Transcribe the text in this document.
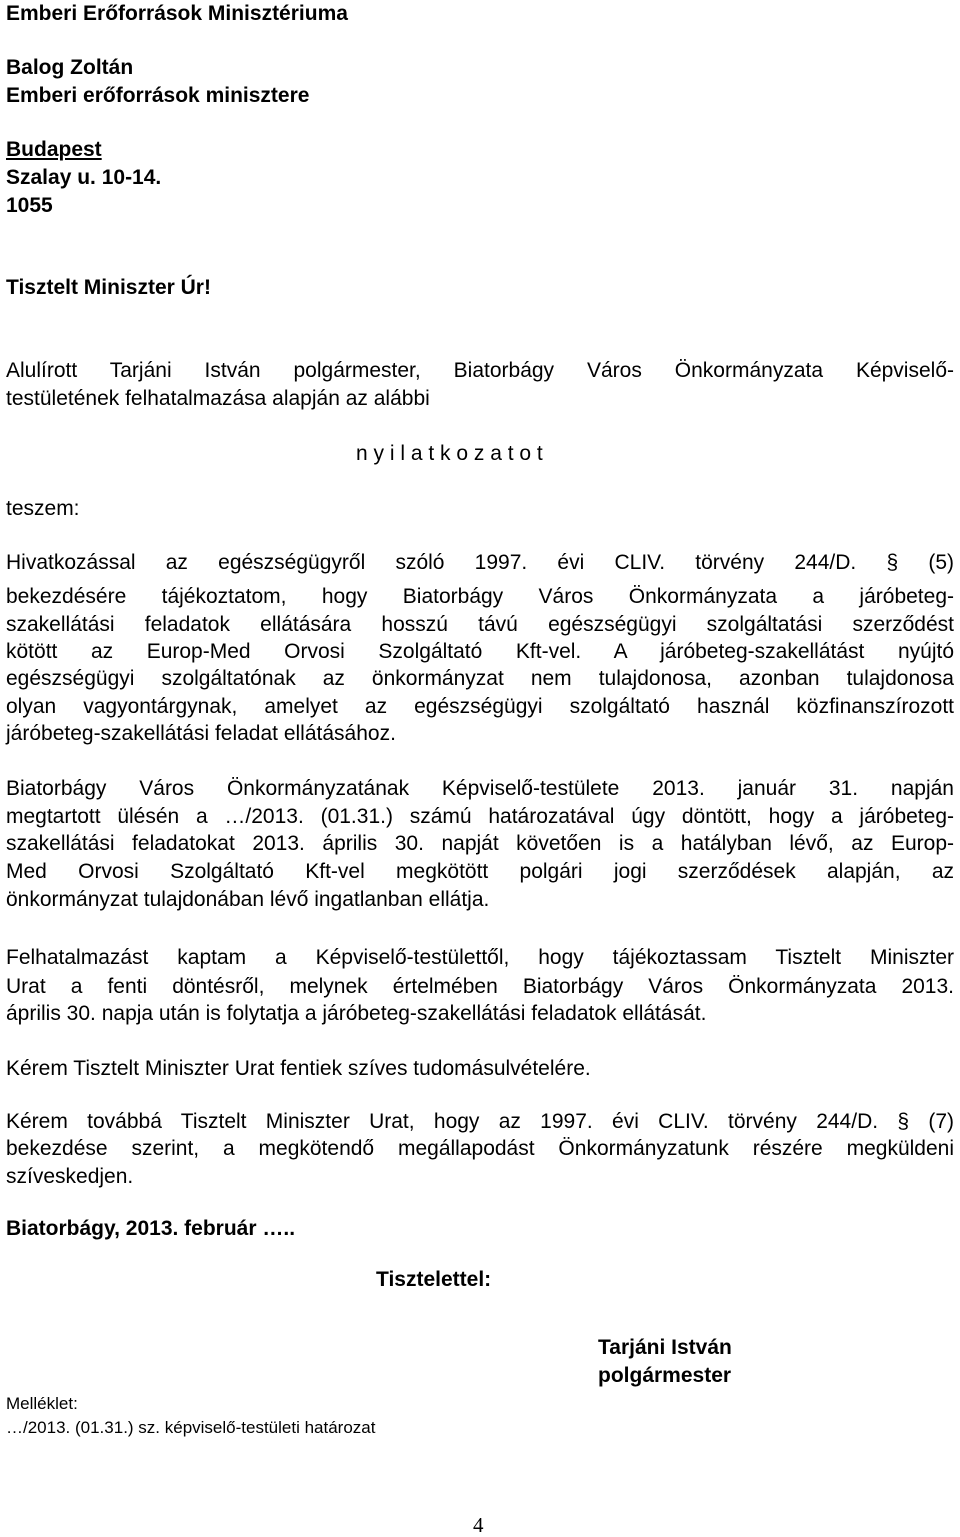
Emberi Erőforrások Minisztériuma
Balog Zoltán
Emberi erőforrások minisztere
Budapest
Szalay u. 10-14.
1055
Tisztelt Miniszter Úr!
Alulírott Tarjáni István polgármester, Biatorbágy Város Önkormányzata Képviselő-
testületének felhatalmazása alapján az alábbi
n y i l a t k o z a t o t
teszem:
Hivatkozással az egészségügyről szóló 1997. évi CLIV. törvény 244/D. § (5)
bekezdésére tájékoztatom, hogy Biatorbágy Város Önkormányzata a járóbeteg-
szakellátási feladatok ellátására hosszú távú egészségügyi szolgáltatási szerződést
kötött az Europ-Med Orvosi Szolgáltató Kft-vel. A járóbeteg-szakellátást nyújtó
egészségügyi szolgáltatónak az önkormányzat nem tulajdonosa, azonban tulajdonosa
olyan vagyontárgynak, amelyet az egészségügyi szolgáltató használ közfinanszírozott
járóbeteg-szakellátási feladat ellátásához.
Biatorbágy Város Önkormányzatának Képviselő-testülete 2013. január 31. napján
megtartott ülésén a …/2013. (01.31.) számú határozatával úgy döntött, hogy a járóbeteg-
szakellátási feladatokat 2013. április 30. napját követően is a hatályban lévő, az Europ-
Med Orvosi Szolgáltató Kft-vel megkötött polgári jogi szerződések alapján, az
önkormányzat tulajdonában lévő ingatlanban ellátja.
Felhatalmazást kaptam a Képviselő-testülettől, hogy tájékoztassam Tisztelt Miniszter
Urat a fenti döntésről, melynek értelmében Biatorbágy Város Önkormányzata 2013.
április 30. napja után is folytatja a járóbeteg-szakellátási feladatok ellátását.
Kérem Tisztelt Miniszter Urat fentiek szíves tudomásulvételére.
Kérem továbbá Tisztelt Miniszter Urat, hogy az 1997. évi CLIV. törvény 244/D. § (7)
bekezdése szerint, a megkötendő megállapodást Önkormányzatunk részére megküldeni
szíveskedjen.
Biatorbágy, 2013. február …..
Tisztelettel:
Tarjáni István
polgármester
Melléklet:
…/2013. (01.31.) sz. képviselő-testületi határozat
4
